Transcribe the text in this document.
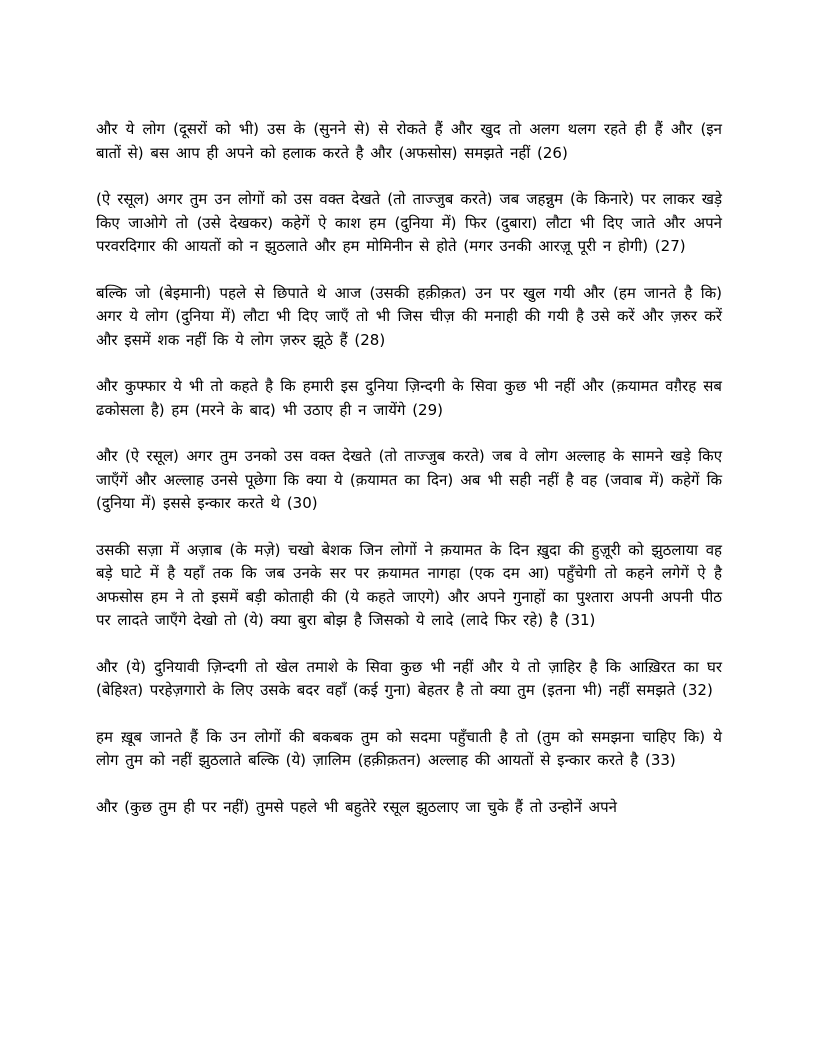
और ये लोग (दूसरों को भी) उस के (सुनने से) से रोकते हैं और खुद तो अलग थलग रहते ही हैं और (इन बातों से) बस आप ही अपने को हलाक करते है और (अफसोस) समझते नहीं (26)

(ऐ रसूल) अगर तुम उन लोगों को उस वक्त देखते (तो ताज्जुब करते) जब जहन्नुम (के किनारे) पर लाकर खड़े किए जाओगे तो (उसे देखकर) कहेगें ऐ काश हम (दुनिया में) फिर (दुबारा) लौटा भी दिए जाते और अपने परवरदिगार की आयतों को न झुठलाते और हम मोमिनीन से होते (मगर उनकी आरज़ू पूरी न होगी) (27)

बल्कि जो (बेइमानी) पहले से छिपाते थे आज (उसकी हक़ीक़त) उन पर खुल गयी और (हम जानते है कि) अगर ये लोग (दुनिया में) लौटा भी दिए जाएँ तो भी जिस चीज़ की मनाही की गयी है उसे करें और ज़रुर करें और इसमें शक नहीं कि ये लोग ज़रुर झूठे हैं (28)

और कुफ्फार ये भी तो कहते है कि हमारी इस दुनिया ज़िन्दगी के सिवा कुछ भी नहीं और (क़यामत वग़ैरह सब ढकोसला है) हम (मरने के बाद) भी उठाए ही न जायेंगे (29)

और (ऐ रसूल) अगर तुम उनको उस वक्त देखते (तो ताज्जुब करते) जब वे लोग अल्लाह के सामने खड़े किए जाएँगें और अल्लाह उनसे पूछेगा कि क्या ये (क़यामत का दिन) अब भी सही नहीं है वह (जवाब में) कहेगें कि (दुनिया में) इससे इन्कार करते थे (30)

उसकी सज़ा में अज़ाब (के मज़े) चखो बेशक जिन लोगों ने क़यामत के दिन ख़ुदा की हुज़ूरी को झुठलाया वह बड़े घाटे में है यहाँ तक कि जब उनके सर पर क़यामत नागहा (एक दम आ) पहुँचेगी तो कहने लगेगें ऐ है अफसोस हम ने तो इसमें बड़ी कोताही की (ये कहते जाएगे) और अपने गुनाहों का पुश्तारा अपनी अपनी पीठ पर लादते जाएँगे देखो तो (ये) क्या बुरा बोझ है जिसको ये लादे (लादे फिर रहे) है (31)

और (ये) दुनियावी ज़िन्दगी तो खेल तमाशे के सिवा कुछ भी नहीं और ये तो ज़ाहिर है कि आख़िरत का घर (बेहिश्त) परहेज़गारो के लिए उसके बदर वहाँ (कई गुना) बेहतर है तो क्या तुम (इतना भी) नहीं समझते (32)

हम ख़ूब जानते हैं कि उन लोगों की बकबक तुम को सदमा पहुँचाती है तो (तुम को समझना चाहिए कि) ये लोग तुम को नहीं झुठलाते बल्कि (ये) ज़ालिम (हक़ीक़तन) अल्लाह की आयतों से इन्कार करते है (33)

और (कुछ तुम ही पर नहीं) तुमसे पहले भी बहुतेरे रसूल झुठलाए जा चुके हैं तो उन्होनें अपने
